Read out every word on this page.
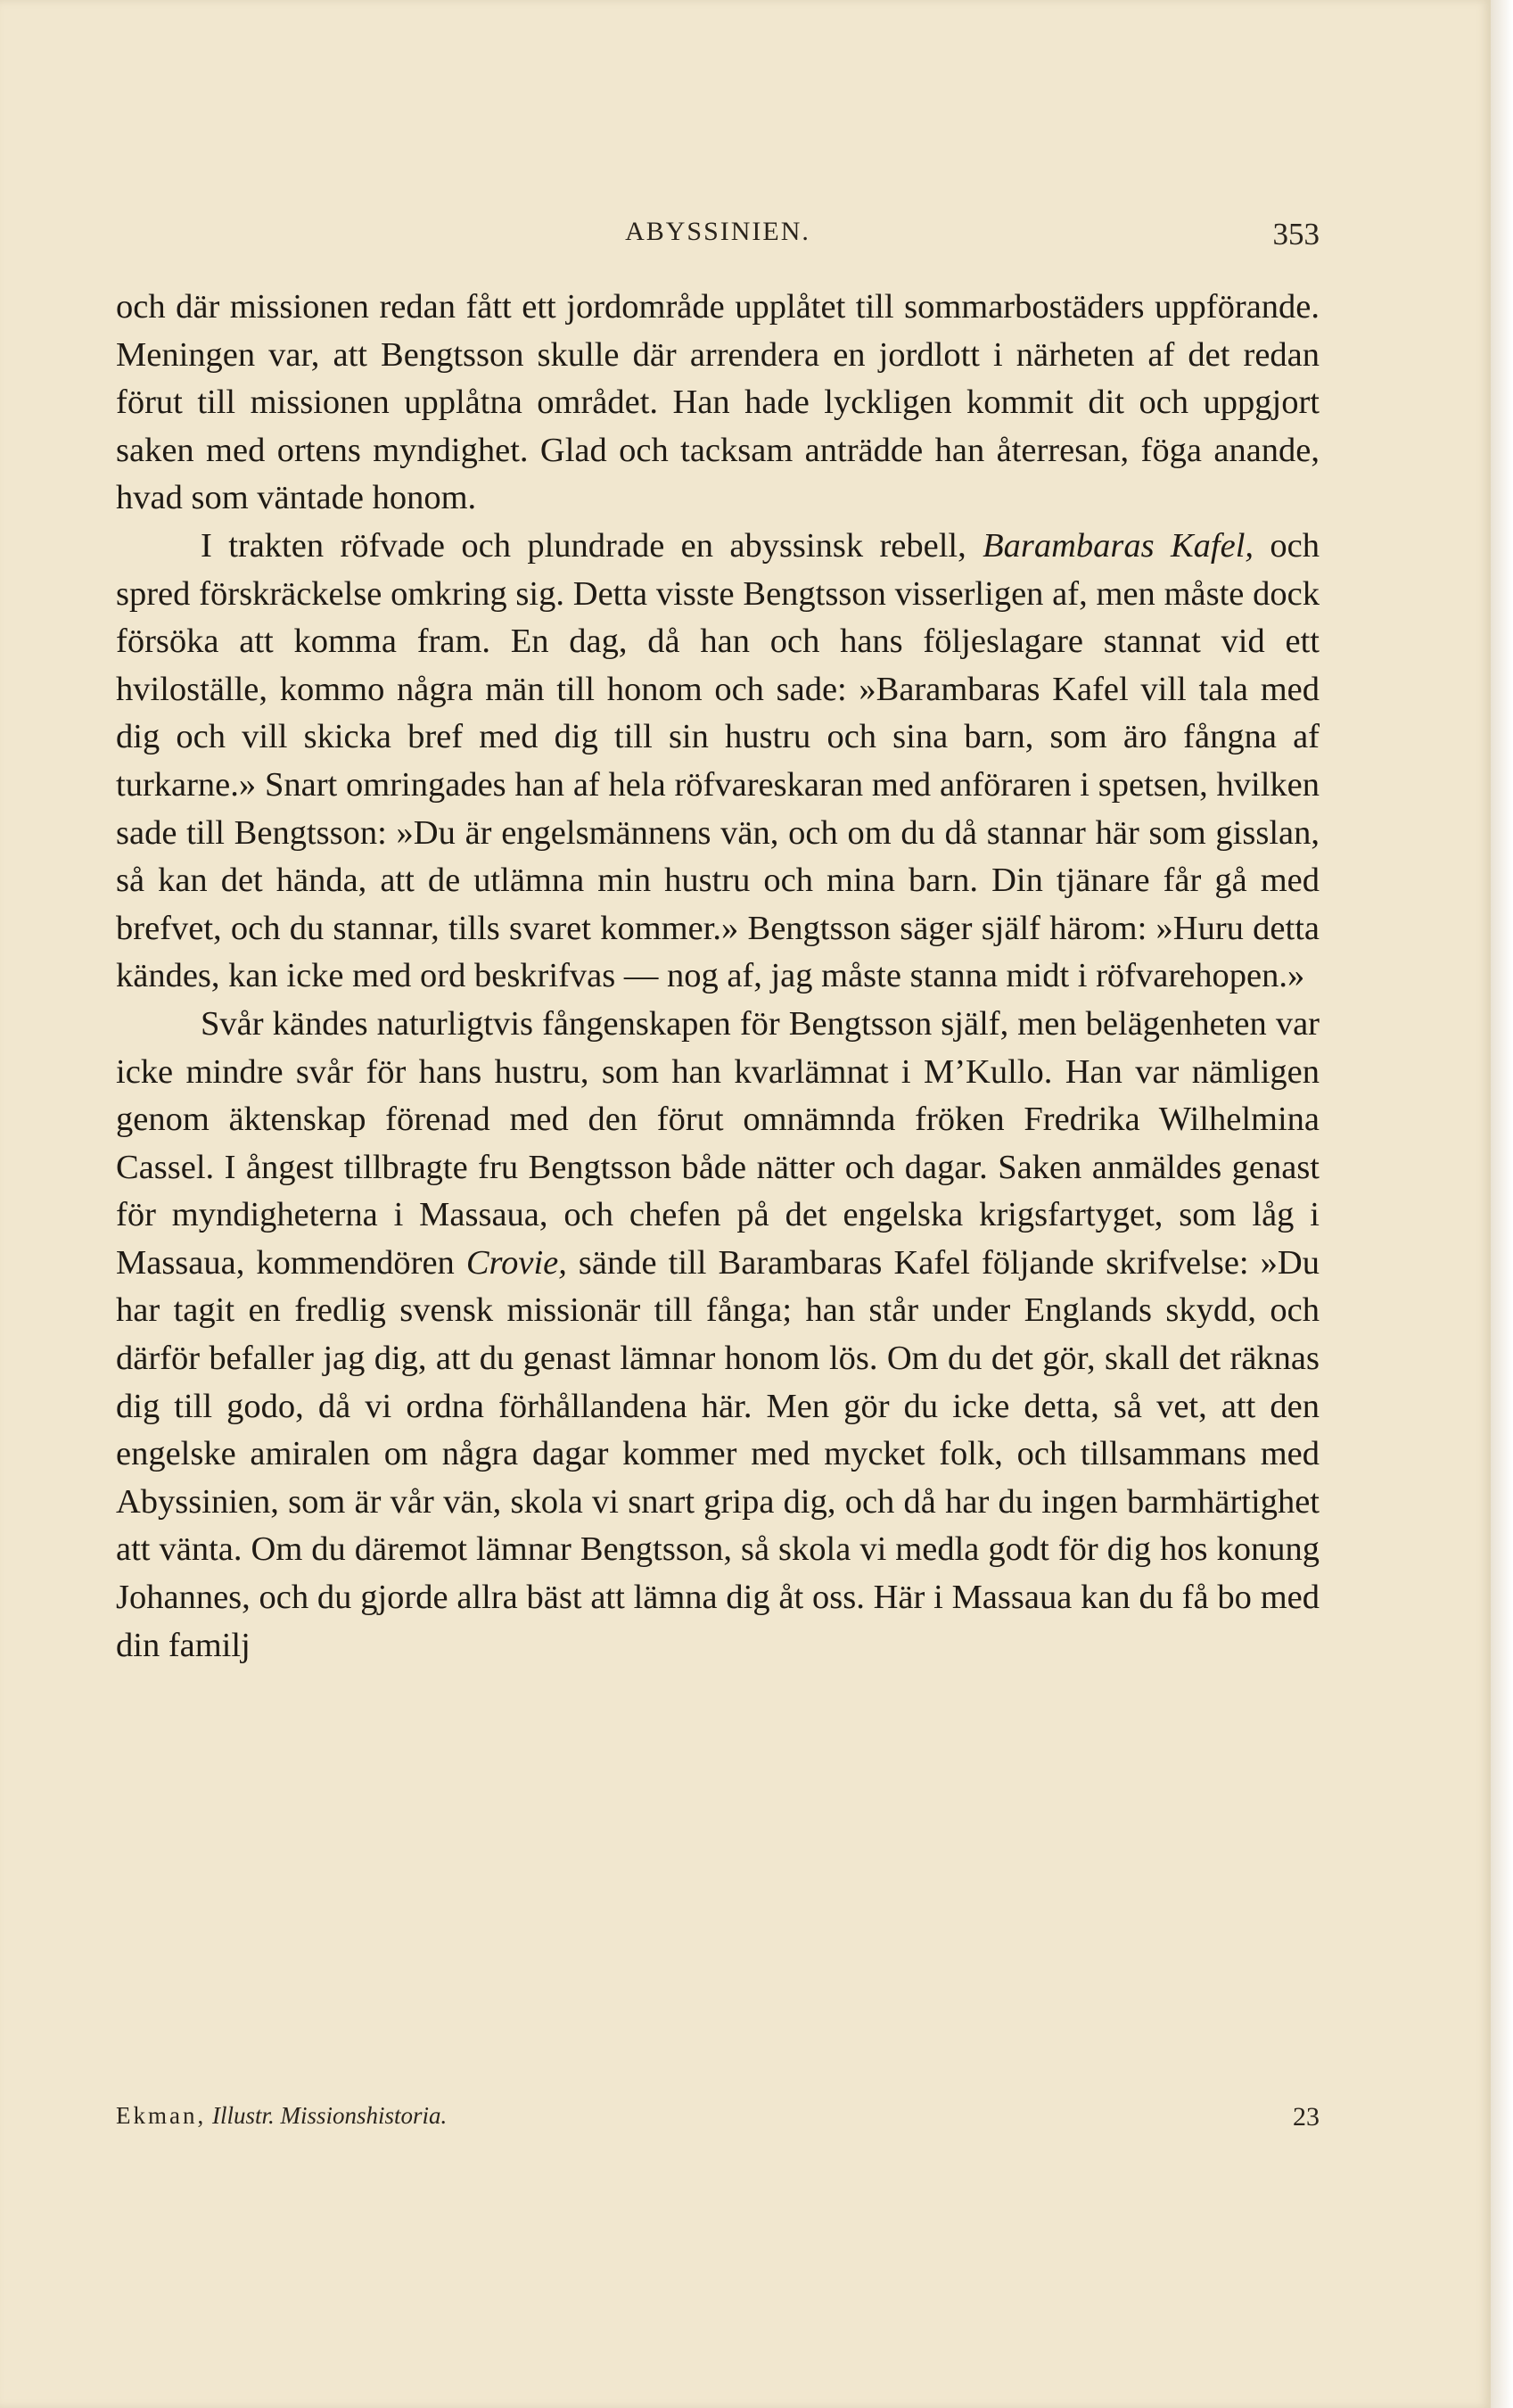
ABYSSINIEN.	353

och där missionen redan fått ett jordområde upplåtet till sommarbostäders uppförande. Meningen var, att Bengtsson skulle där arrendera en jordlott i närheten af det redan förut till missionen upplåtna området. Han hade lyckligen kommit dit och uppgjort saken med ortens myndighet. Glad och tacksam anträdde han återresan, föga anande, hvad som väntade honom.

I trakten röfvade och plundrade en abyssinsk rebell, Barambaras Kafel, och spred förskräckelse omkring sig. Detta visste Bengtsson visserligen af, men måste dock försöka att komma fram. En dag, då han och hans följeslagare stannat vid ett hviloställe, kommo några män till honom och sade: »Barambaras Kafel vill tala med dig och vill skicka bref med dig till sin hustru och sina barn, som äro fångna af turkarne.» Snart omringades han af hela röfvareskaran med anföraren i spetsen, hvilken sade till Bengtsson: »Du är engelsmännens vän, och om du då stannar här som gisslan, så kan det hända, att de utlämna min hustru och mina barn. Din tjänare får gå med brefvet, och du stannar, tills svaret kommer.» Bengtsson säger själf härom: »Huru detta kändes, kan icke med ord beskrifvas — nog af, jag måste stanna midt i röfvarehopen.»

Svår kändes naturligtvis fångenskapen för Bengtsson själf, men belägenheten var icke mindre svår för hans hustru, som han kvarlämnat i M’Kullo. Han var nämligen genom äktenskap förenad med den förut omnämnda fröken Fredrika Wilhelmina Cassel. I ångest tillbragte fru Bengtsson både nätter och dagar. Saken anmäldes genast för myndigheterna i Massaua, och chefen på det engelska krigsfartyget, som låg i Massaua, kommendören Crovie, sände till Barambaras Kafel följande skrifvelse: »Du har tagit en fredlig svensk missionär till fånga; han står under Englands skydd, och därför befaller jag dig, att du genast lämnar honom lös. Om du det gör, skall det räknas dig till godo, då vi ordna förhållandena här. Men gör du icke detta, så vet, att den engelske amiralen om några dagar kommer med mycket folk, och tillsammans med Abyssinien, som är vår vän, skola vi snart gripa dig, och då har du ingen barmhärtighet att vänta. Om du däremot lämnar Bengtsson, så skola vi medla godt för dig hos konung Johannes, och du gjorde allra bäst att lämna dig åt oss. Här i Massaua kan du få bo med din familj

Ekman, Illustr. Missionshistoria.	23
